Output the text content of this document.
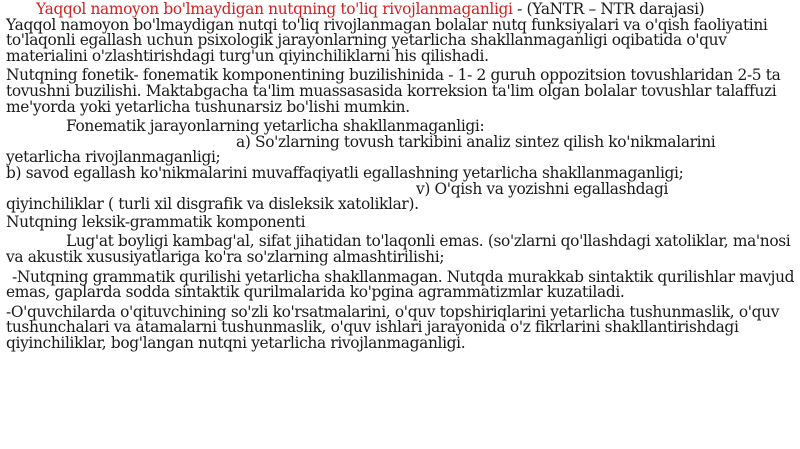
Yaqqol namoyon bo'lmaydigan nutqning to'liq rivojlanmaganligi - (YaNTR – NTR darajasi)

Yaqqol namoyon bo'lmaydigan nutqi to'liq rivojlanmagan bolalar nutq funksiyalari va o'qish faoliyatini to'laqonli egallash uchun psixologik jarayonlarning yetarlicha shakllanmaganligi oqibatida o'quv materialini o'zlashtirishdagi turg'un qiyinchiliklarni his qilishadi.

Nutqning fonetik- fonematik komponentining buzilishinida - 1- 2 guruh oppozitsion tovushlaridan 2-5 ta tovushni buzilishi. Maktabgacha ta'lim muassasasida korreksion ta'lim olgan bolalar tovushlar talaffuzi me'yorda yoki yetarlicha tushunarsiz bo'lishi mumkin.

Fonematik jarayonlarning yetarlicha shakllanmaganligi:

a) So'zlarning tovush tarkibini analiz sintez qilish ko'nikmalarini

yetarlicha rivojlanmaganligi;

b) savod egallash ko'nikmalarini muvaffaqiyatli egallashning yetarlicha shakllanmaganligi;

v) O'qish va yozishni egallashdagi

qiyinchiliklar ( turli xil disgrafik va disleksik xatoliklar).

Nutqning leksik-grammatik komponenti

Lug'at boyligi kambag'al, sifat jihatidan to'laqonli emas. (so'zlarni qo'llashdagi xatoliklar, ma'nosi va akustik xususiyatlariga ko'ra so'zlarning almashtirilishi;

-Nutqning grammatik qurilishi yetarlicha shakllanmagan. Nutqda murakkab sintaktik qurilishlar mavjud emas, gaplarda sodda sintaktik qurilmalarida ko'pgina agrammatizmlar kuzatiladi.

-O'quvchilarda o'qituvchining so'zli ko'rsatmalarini, o'quv topshiriqlarini yetarlicha tushunmaslik, o'quv tushunchalari va atamalarni tushunmaslik, o'quv ishlari jarayonida o'z fikrlarini shakllantirishdagi qiyinchiliklar, bog'langan nutqni yetarlicha rivojlanmaganligi.
